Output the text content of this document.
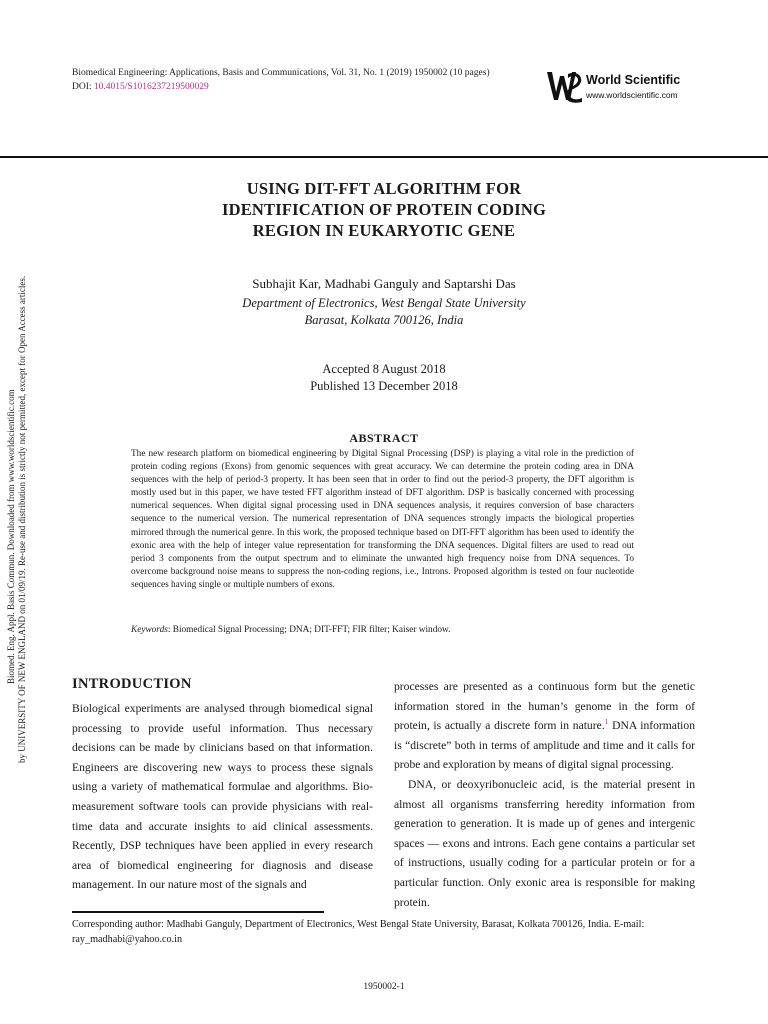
Biomedical Engineering: Applications, Basis and Communications, Vol. 31, No. 1 (2019) 1950002 (10 pages)
DOI: 10.4015/S1016237219500029	World Scientific
www.worldscientific.com
Biomed. Eng. Appl. Basis Commun. Downloaded from www.worldscientific.com by UNIVERSITY OF NEW ENGLAND on 01/09/19. Re-use and distribution is strictly not permitted, except for Open Access articles.
USING DIT-FFT ALGORITHM FOR
IDENTIFICATION OF PROTEIN CODING
REGION IN EUKARYOTIC GENE
Subhajit Kar, Madhabi Ganguly and Saptarshi Das
Department of Electronics, West Bengal State University
Barasat, Kolkata 700126, India
Accepted 8 August 2018
Published 13 December 2018
ABSTRACT

The new research platform on biomedical engineering by Digital Signal Processing (DSP) is playing a vital role in the prediction of protein coding regions (Exons) from genomic sequences with great accuracy. We can determine the protein coding area in DNA sequences with the help of period-3 property. It has been seen that in order to find out the period-3 property, the DFT algorithm is mostly used but in this paper, we have tested FFT algorithm instead of DFT algorithm. DSP is basically concerned with processing numerical sequences. When digital signal processing used in DNA sequences analysis, it requires conversion of base characters sequence to the numerical version. The numerical representation of DNA sequences strongly impacts the biological properties mirrored through the numerical genre. In this work, the proposed technique based on DIT-FFT algorithm has been used to identify the exonic area with the help of integer value representation for transforming the DNA sequences. Digital filters are used to read out period 3 components from the output spectrum and to eliminate the unwanted high frequency noise from DNA sequences. To overcome background noise means to suppress the non-coding regions, i.e., Introns. Proposed algorithm is tested on four nucleotide sequences having single or multiple numbers of exons.

Keywords: Biomedical Signal Processing; DNA; DIT-FFT; FIR filter; Kaiser window.
INTRODUCTION

Biological experiments are analysed through biomedical signal processing to provide useful information. Thus necessary decisions can be made by clinicians based on that information. Engineers are discovering new ways to process these signals using a variety of mathematical formulae and algorithms. Bio-measurement software tools can provide physicians with real-time data and accurate insights to aid clinical assessments. Recently, DSP techniques have been applied in every research area of biomedical engineering for diagnosis and disease management. In our nature most of the signals and

processes are presented as a continuous form but the genetic information stored in the human’s genome in the form of protein, is actually a discrete form in nature.$^1$ DNA information is “discrete” both in terms of amplitude and time and it calls for probe and exploration by means of digital signal processing.

DNA, or deoxyribonucleic acid, is the material present in almost all organisms transferring heredity information from generation to generation. It is made up of genes and intergenic spaces — exons and introns. Each gene contains a particular set of instructions, usually coding for a particular protein or for a particular function. Only exonic area is responsible for making protein.

Corresponding author: Madhabi Ganguly, Department of Electronics, West Bengal State University, Barasat, Kolkata 700126, India. E-mail: ray_madhabi@yahoo.co.in
1950002-1
